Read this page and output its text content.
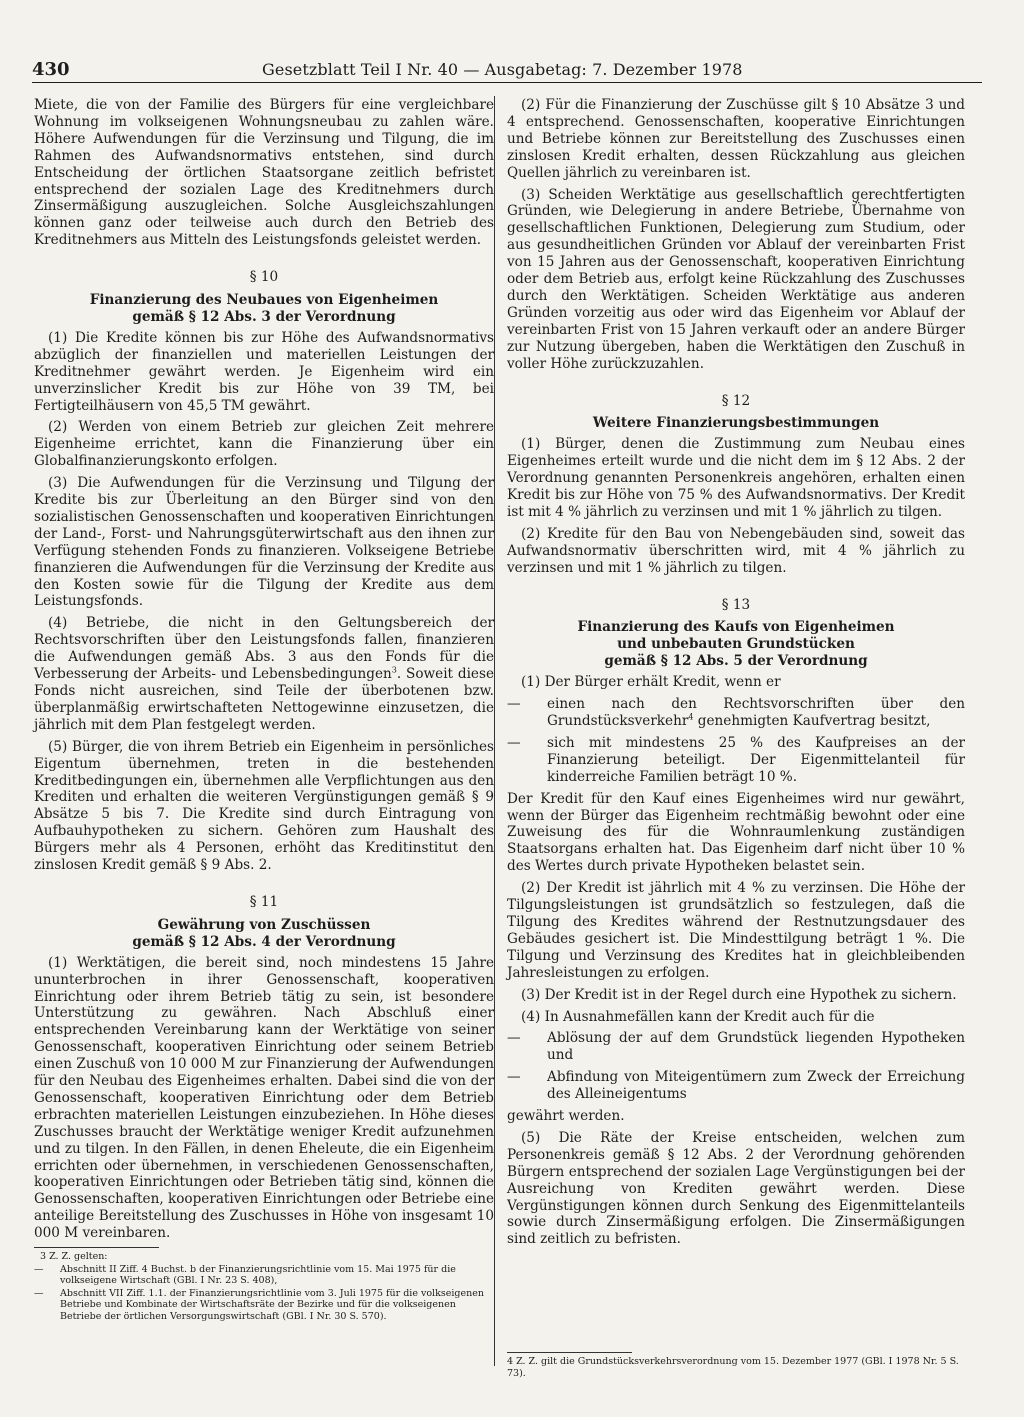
430	Gesetzblatt Teil I Nr. 40 — Ausgabetag: 7. Dezember 1978

Miete, die von der Familie des Bürgers für eine vergleichbare Wohnung im volkseigenen Wohnungsneubau zu zahlen wäre. Höhere Aufwendungen für die Verzinsung und Tilgung, die im Rahmen des Aufwandsnormativs entstehen, sind durch Entscheidung der örtlichen Staatsorgane zeitlich befristet entsprechend der sozialen Lage des Kreditnehmers durch Zinsermäßigung auszugleichen. Solche Ausgleichszahlungen können ganz oder teilweise auch durch den Betrieb des Kreditnehmers aus Mitteln des Leistungsfonds geleistet werden.

§ 10
Finanzierung des Neubaues von Eigenheimen
gemäß § 12 Abs. 3 der Verordnung

(1) Die Kredite können bis zur Höhe des Aufwandsnormativs abzüglich der finanziellen und materiellen Leistungen der Kreditnehmer gewährt werden. Je Eigenheim wird ein unverzinslicher Kredit bis zur Höhe von 39 TM, bei Fertigteilhäusern von 45,5 TM gewährt.

(2) Werden von einem Betrieb zur gleichen Zeit mehrere Eigenheime errichtet, kann die Finanzierung über ein Globalfinanzierungskonto erfolgen.

(3) Die Aufwendungen für die Verzinsung und Tilgung der Kredite bis zur Überleitung an den Bürger sind von den sozialistischen Genossenschaften und kooperativen Einrichtungen der Land-, Forst- und Nahrungsgüterwirtschaft aus den ihnen zur Verfügung stehenden Fonds zu finanzieren. Volkseigene Betriebe finanzieren die Aufwendungen für die Verzinsung der Kredite aus den Kosten sowie für die Tilgung der Kredite aus dem Leistungsfonds.

(4) Betriebe, die nicht in den Geltungsbereich der Rechtsvorschriften über den Leistungsfonds fallen, finanzieren die Aufwendungen gemäß Abs. 3 aus den Fonds für die Verbesserung der Arbeits- und Lebensbedingungen$^3$. Soweit diese Fonds nicht ausreichen, sind Teile der überbotenen bzw. überplanmäßig erwirtschafteten Nettogewinne einzusetzen, die jährlich mit dem Plan festgelegt werden.

(5) Bürger, die von ihrem Betrieb ein Eigenheim in persönliches Eigentum übernehmen, treten in die bestehenden Kreditbedingungen ein, übernehmen alle Verpflichtungen aus den Krediten und erhalten die weiteren Vergünstigungen gemäß § 9 Absätze 5 bis 7. Die Kredite sind durch Eintragung von Aufbauhypotheken zu sichern. Gehören zum Haushalt des Bürgers mehr als 4 Personen, erhöht das Kreditinstitut den zinslosen Kredit gemäß § 9 Abs. 2.

§ 11
Gewährung von Zuschüssen
gemäß § 12 Abs. 4 der Verordnung

(1) Werktätigen, die bereit sind, noch mindestens 15 Jahre ununterbrochen in ihrer Genossenschaft, kooperativen Einrichtung oder ihrem Betrieb tätig zu sein, ist besondere Unterstützung zu gewähren. Nach Abschluß einer entsprechenden Vereinbarung kann der Werktätige von seiner Genossenschaft, kooperativen Einrichtung oder seinem Betrieb einen Zuschuß von 10 000 M zur Finanzierung der Aufwendungen für den Neubau des Eigenheimes erhalten. Dabei sind die von der Genossenschaft, kooperativen Einrichtung oder dem Betrieb erbrachten materiellen Leistungen einzubeziehen. In Höhe dieses Zuschusses braucht der Werktätige weniger Kredit aufzunehmen und zu tilgen. In den Fällen, in denen Eheleute, die ein Eigenheim errichten oder übernehmen, in verschiedenen Genossenschaften, kooperativen Einrichtungen oder Betrieben tätig sind, können die Genossenschaften, kooperativen Einrichtungen oder Betriebe eine anteilige Bereitstellung des Zuschusses in Höhe von insgesamt 10 000 M vereinbaren.

3 Z. Z. gelten:
— Abschnitt II Ziff. 4 Buchst. b der Finanzierungsrichtlinie vom 15. Mai 1975 für die volkseigene Wirtschaft (GBl. I Nr. 23 S. 408),
— Abschnitt VII Ziff. 1.1. der Finanzierungsrichtlinie vom 3. Juli 1975 für die volkseigenen Betriebe und Kombinate der Wirtschaftsräte der Bezirke und für die volkseigenen Betriebe der örtlichen Versorgungswirtschaft (GBl. I Nr. 30 S. 570).

(2) Für die Finanzierung der Zuschüsse gilt § 10 Absätze 3 und 4 entsprechend. Genossenschaften, kooperative Einrichtungen und Betriebe können zur Bereitstellung des Zuschusses einen zinslosen Kredit erhalten, dessen Rückzahlung aus gleichen Quellen jährlich zu vereinbaren ist.

(3) Scheiden Werktätige aus gesellschaftlich gerechtfertigten Gründen, wie Delegierung in andere Betriebe, Übernahme von gesellschaftlichen Funktionen, Delegierung zum Studium, oder aus gesundheitlichen Gründen vor Ablauf der vereinbarten Frist von 15 Jahren aus der Genossenschaft, kooperativen Einrichtung oder dem Betrieb aus, erfolgt keine Rückzahlung des Zuschusses durch den Werktätigen. Scheiden Werktätige aus anderen Gründen vorzeitig aus oder wird das Eigenheim vor Ablauf der vereinbarten Frist von 15 Jahren verkauft oder an andere Bürger zur Nutzung übergeben, haben die Werktätigen den Zuschuß in voller Höhe zurückzuzahlen.

§ 12
Weitere Finanzierungsbestimmungen

(1) Bürger, denen die Zustimmung zum Neubau eines Eigenheimes erteilt wurde und die nicht dem im § 12 Abs. 2 der Verordnung genannten Personenkreis angehören, erhalten einen Kredit bis zur Höhe von 75 % des Aufwandsnormativs. Der Kredit ist mit 4 % jährlich zu verzinsen und mit 1 % jährlich zu tilgen.

(2) Kredite für den Bau von Nebengebäuden sind, soweit das Aufwandsnormativ überschritten wird, mit 4 % jährlich zu verzinsen und mit 1 % jährlich zu tilgen.

§ 13
Finanzierung des Kaufs von Eigenheimen
und unbebauten Grundstücken
gemäß § 12 Abs. 5 der Verordnung

(1) Der Bürger erhält Kredit, wenn er

— einen nach den Rechtsvorschriften über den Grundstücksverkehr$^4$ genehmigten Kaufvertrag besitzt,
— sich mit mindestens 25 % des Kaufpreises an der Finanzierung beteiligt. Der Eigenmittelanteil für kinderreiche Familien beträgt 10 %.

Der Kredit für den Kauf eines Eigenheimes wird nur gewährt, wenn der Bürger das Eigenheim rechtmäßig bewohnt oder eine Zuweisung des für die Wohnraumlenkung zuständigen Staatsorgans erhalten hat. Das Eigenheim darf nicht über 10 % des Wertes durch private Hypotheken belastet sein.

(2) Der Kredit ist jährlich mit 4 % zu verzinsen. Die Höhe der Tilgungsleistungen ist grundsätzlich so festzulegen, daß die Tilgung des Kredites während der Restnutzungsdauer des Gebäudes gesichert ist. Die Mindesttilgung beträgt 1 %. Die Tilgung und Verzinsung des Kredites hat in gleichbleibenden Jahresleistungen zu erfolgen.

(3) Der Kredit ist in der Regel durch eine Hypothek zu sichern.

(4) In Ausnahmefällen kann der Kredit auch für die

— Ablösung der auf dem Grundstück liegenden Hypotheken und
— Abfindung von Miteigentümern zum Zweck der Erreichung des Alleineigentums

gewährt werden.

(5) Die Räte der Kreise entscheiden, welchen zum Personenkreis gemäß § 12 Abs. 2 der Verordnung gehörenden Bürgern entsprechend der sozialen Lage Vergünstigungen bei der Ausreichung von Krediten gewährt werden. Diese Vergünstigungen können durch Senkung des Eigenmittelanteils sowie durch Zinsermäßigung erfolgen. Die Zinsermäßigungen sind zeitlich zu befristen.

4 Z. Z. gilt die Grundstücksverkehrsverordnung vom 15. Dezember 1977 (GBl. I 1978 Nr. 5 S. 73).
